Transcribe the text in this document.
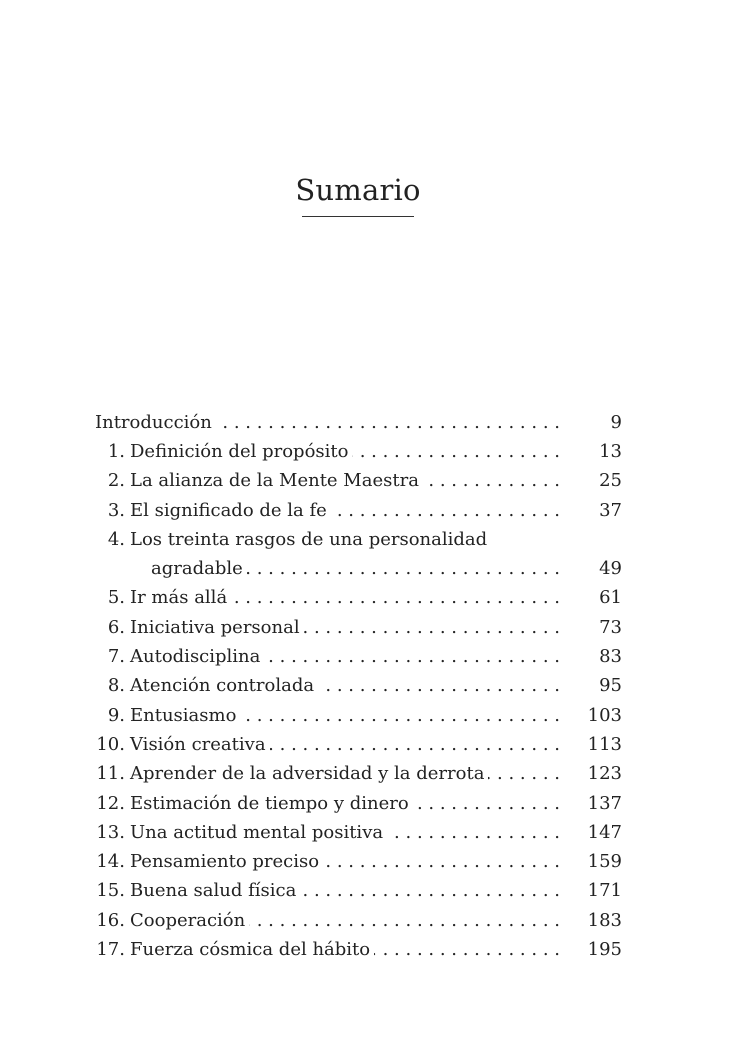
Sumario
Introducción . . .	9
1. Definición del propósito . . .	13
2. La alianza de la Mente Maestra . . .	25
3. El significado de la fe . . .	37
4. Los treinta rasgos de una personalidad
agradable . . .	49
5. Ir más allá . . .	61
6. Iniciativa personal . . .	73
7. Autodisciplina . . .	83
8. Atención controlada . . .	95
9. Entusiasmo . . .	103
10. Visión creativa . . .	113
11. Aprender de la adversidad y la derrota . . .	123
12. Estimación de tiempo y dinero . . .	137
13. Una actitud mental positiva . . .	147
14. Pensamiento preciso . . .	159
15. Buena salud física . . .	171
16. Cooperación . . .	183
17. Fuerza cósmica del hábito . . .	195
